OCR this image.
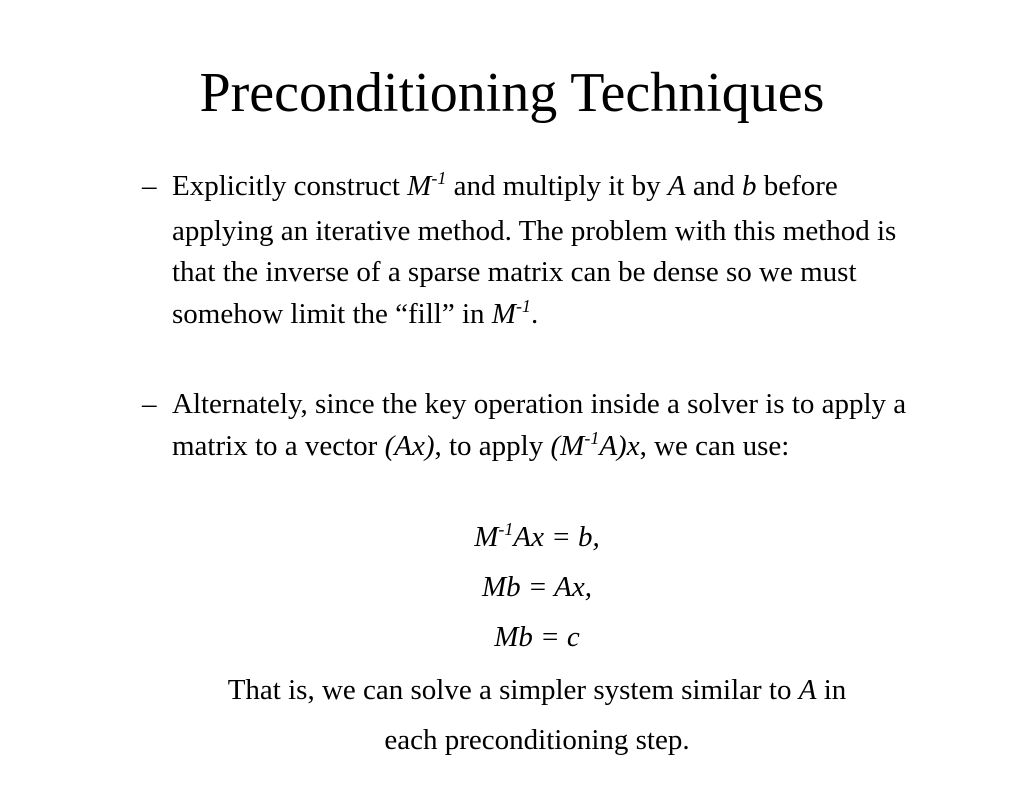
Preconditioning Techniques
– Explicitly construct $M^{-1}$ and multiply it by A and b before applying an iterative method. The problem with this method is that the inverse of a sparse matrix can be dense so we must somehow limit the “fill” in $M^{-1}$.
– Alternately, since the key operation inside a solver is to apply a matrix to a vector (Ax), to apply $(M^{-1}A)x$, we can use:
$M^{-1}Ax = b$,
Mb = Ax,
Mb = c
That is, we can solve a simpler system similar to A in
each preconditioning step.
